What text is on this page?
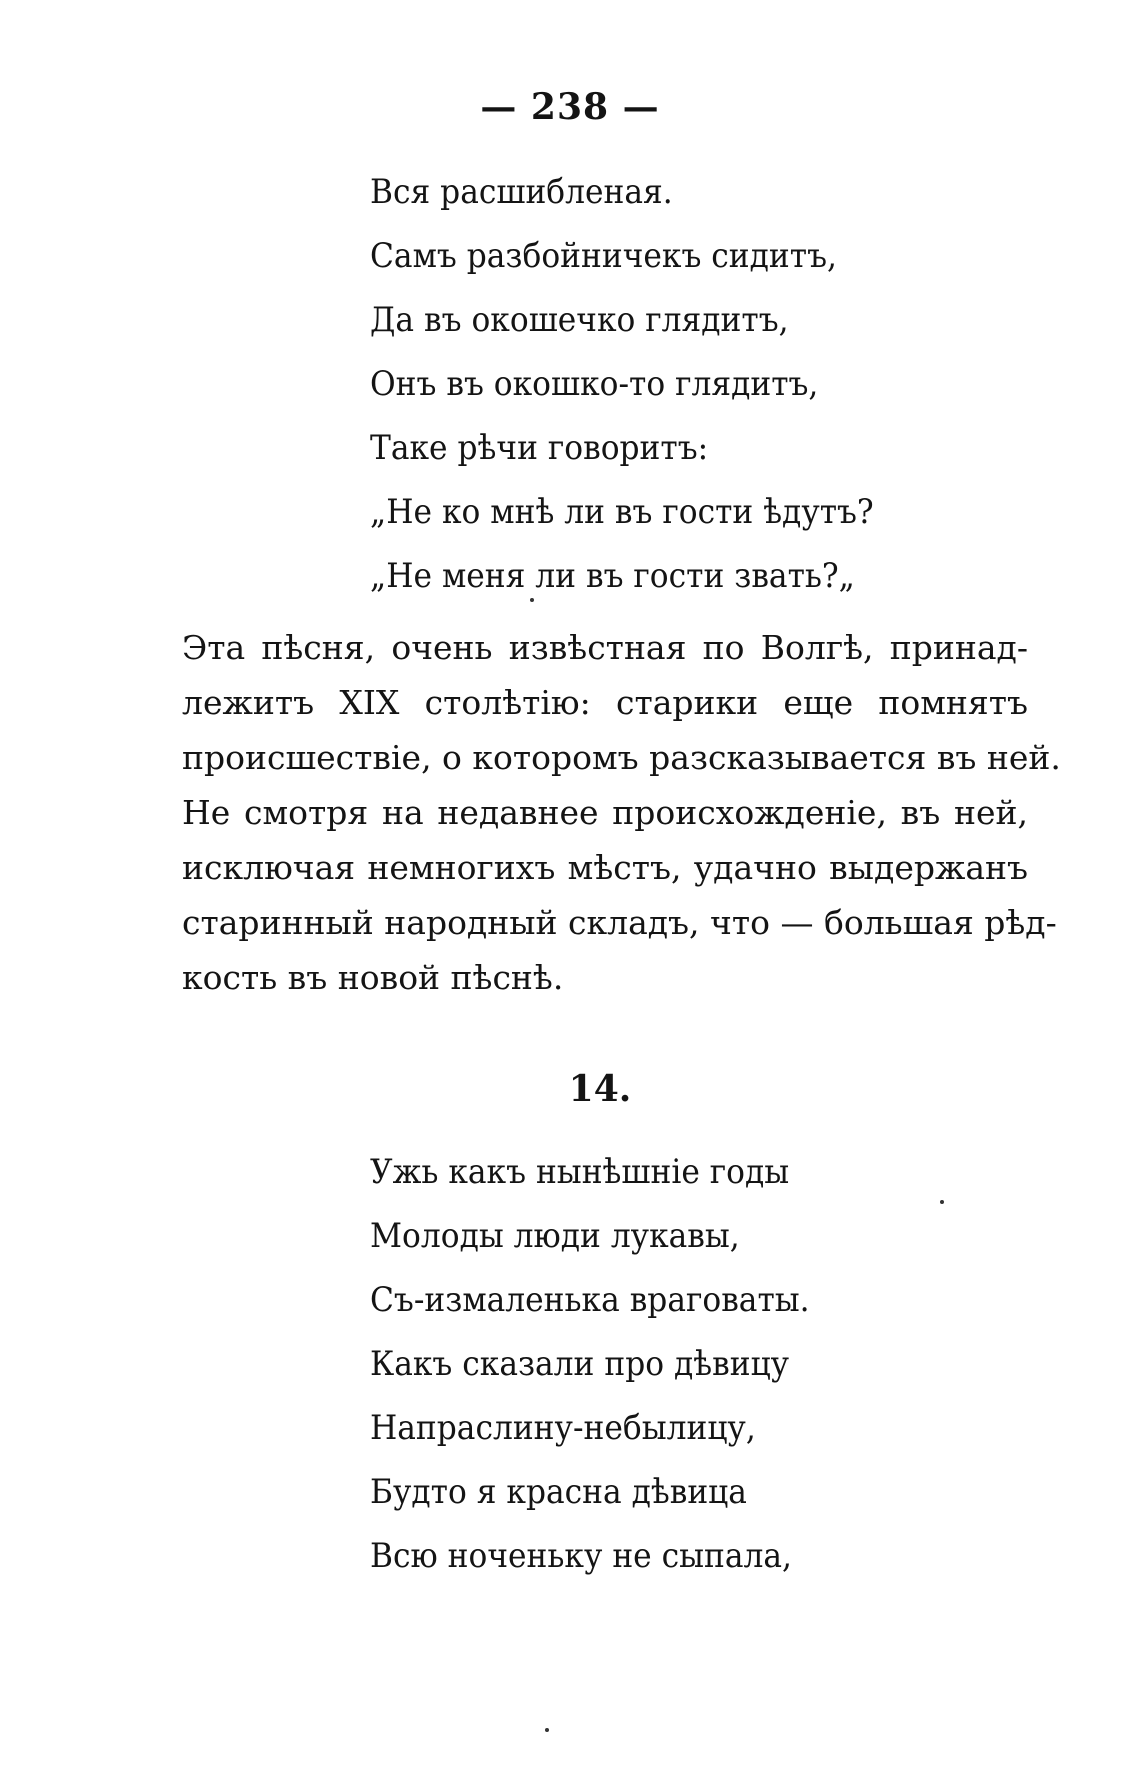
— 238 —
Вся расшибленая.
Самъ разбойничекъ сидитъ,
Да въ окошечко глядитъ,
Онъ въ окошко-то глядитъ,
Таке рѣчи говоритъ:
„Не ко мнѣ ли въ гости ѣдутъ?
„Не меня ли въ гости звать?„
Эта пѣсня, очень извѣстная по Волгѣ, принад-
лежитъ XIX столѣтію: старики еще помнятъ
происшествіе, о которомъ разсказывается въ ней.
Не смотря на недавнее происхожденіе, въ ней,
исключая немногихъ мѣстъ, удачно выдержанъ
старинный народный складъ, что — большая рѣд-
кость въ новой пѣснѣ.
14.
Ужь какъ нынѣшніе годы
Молоды люди лукавы,
Съ-измаленька враговаты.
Какъ сказали про дѣвицу
Напраслину-небылицу,
Будто я красна дѣвица
Всю ноченьку не сыпала,
